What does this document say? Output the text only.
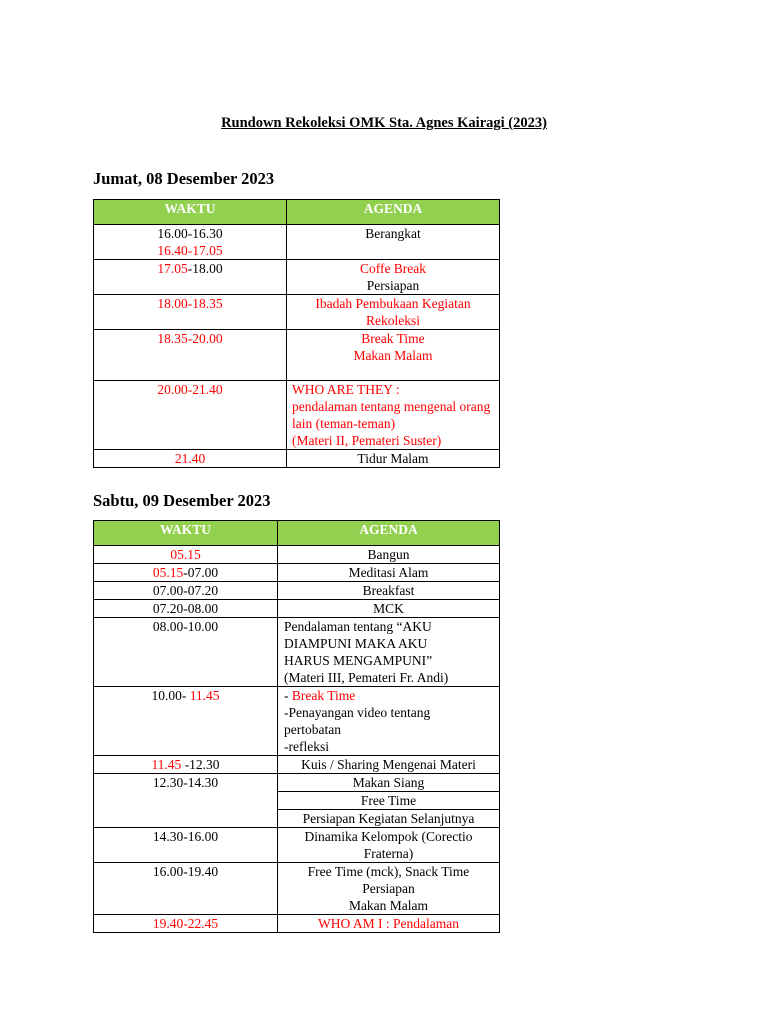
Rundown Rekoleksi OMK Sta. Agnes Kairagi (2023)
Jumat, 08 Desember 2023
WAKTU	AGENDA

16.00-16.30
16.40-17.05	Berangkat
17.05-18.00	Coffe Break
Persiapan

18.00-18.35	Ibadah Pembukaan Kegiatan Rekoleksi
18.35-20.00	Break Time
Makan Malam

20.00-21.40	WHO ARE THEY :
pendalaman tentang mengenal orang lain (teman-teman)
(Materi II, Pemateri Suster)

21.40	Tidur Malam
Sabtu, 09 Desember 2023
WAKTU	AGENDA
05.15	Bangun
05.15-07.00	Meditasi Alam
07.00-07.20	Breakfast
07.20-08.00	MCK
08.00-10.00	Pendalaman tentang “AKU DIAMPUNI MAKA AKU HARUS MENGAMPUNI”
(Materi III, Pemateri Fr. Andi)

10.00- 11.45	- Break Time
-Penayangan video tentang pertobatan
-refleksi

11.45 -12.30	Kuis / Sharing Mengenai Materi
12.30-14.30	Makan Siang
	Free Time
	Persiapan Kegiatan Selanjutnya
14.30-16.00	Dinamika Kelompok (Corectio Fraterna)
16.00-19.40	Free Time (mck), Snack Time
Persiapan
Makan Malam

19.40-22.45	WHO AM I : Pendalaman
